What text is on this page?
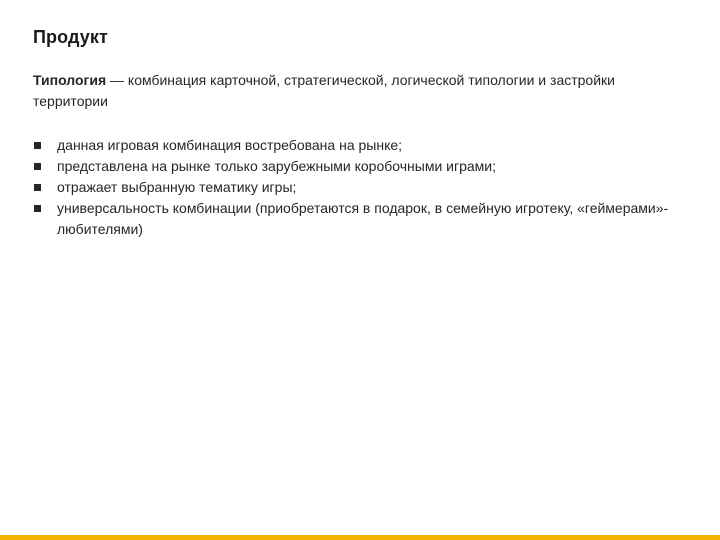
Продукт
Типология — комбинация карточной, стратегической, логической типологии и застройки территории
данная игровая комбинация востребована на рынке;
представлена на рынке только зарубежными коробочными играми;
отражает выбранную тематику игры;
универсальность комбинации (приобретаются в подарок, в семейную игротеку, «геймерами»-любителями)
